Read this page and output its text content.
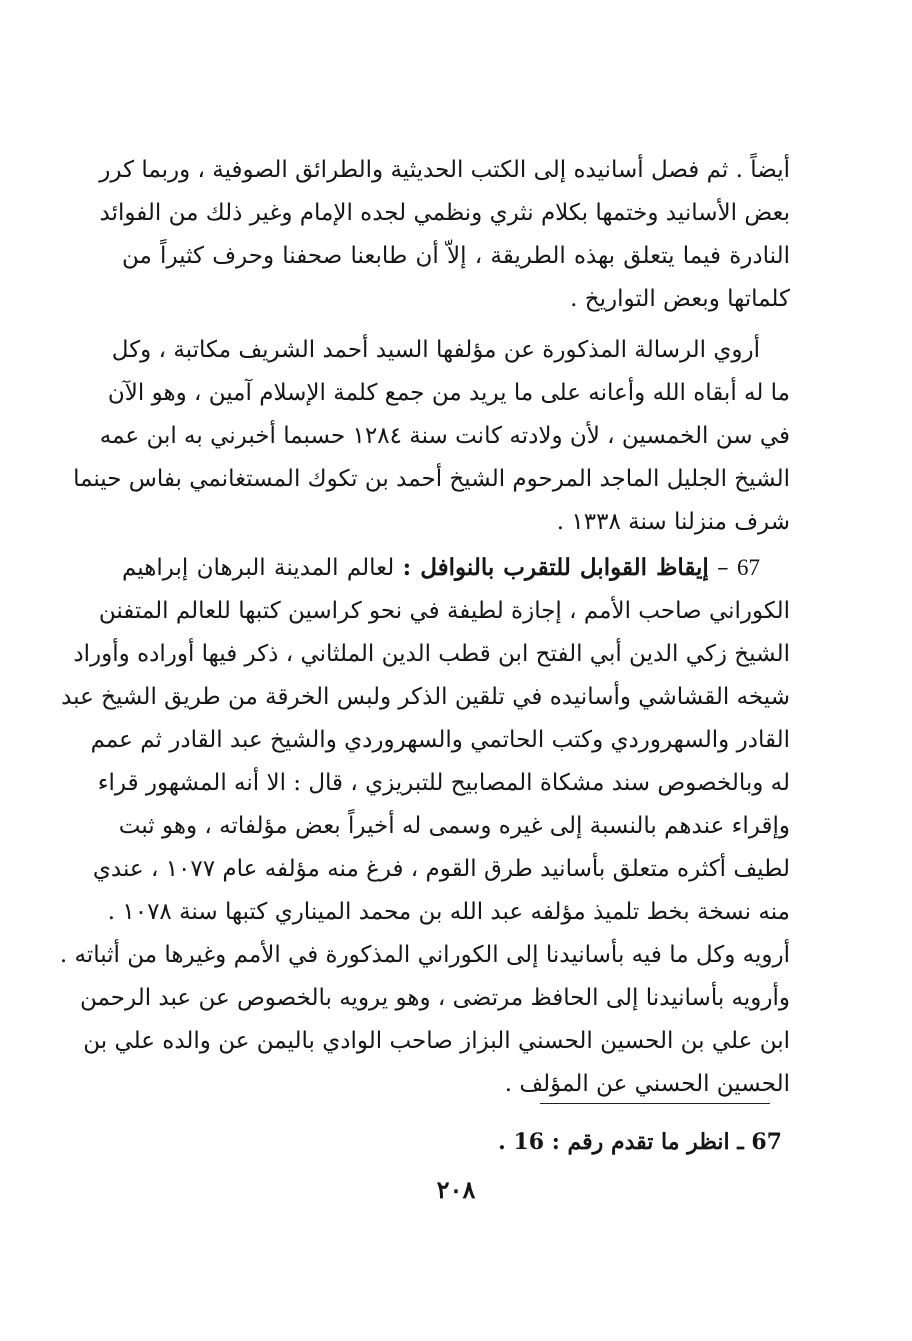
أيضاً . ثم فصل أسانيده إلى الكتب الحديثية والطرائق الصوفية ، وربما كرر
بعض الأسانيد وختمها بكلام نثري ونظمي لجده الإمام وغير ذلك من الفوائد
النادرة فيما يتعلق بهذه الطريقة ، إلاّ أن طابعنا صحفنا وحرف كثيراً من
كلماتها وبعض التواريخ .
أروي الرسالة المذكورة عن مؤلفها السيد أحمد الشريف مكاتبة ، وكل
ما له أبقاه الله وأعانه على ما يريد من جمع كلمة الإسلام آمين ، وهو الآن
في سن الخمسين ، لأن ولادته كانت سنة ١٢٨٤ حسبما أخبرني به ابن عمه
الشيخ الجليل الماجد المرحوم الشيخ أحمد بن تكوك المستغانمي بفاس حينما
شرف منزلنا سنة ١٣٣٨ .
67 – إيقاظ القوابل للتقرب بالنوافل : لعالم المدينة البرهان إبراهيم
الكوراني صاحب الأمم ، إجازة لطيفة في نحو كراسين كتبها للعالم المتفنن
الشيخ زكي الدين أبي الفتح ابن قطب الدين الملثاني ، ذكر فيها أوراده وأوراد
شيخه القشاشي وأسانيده في تلقين الذكر ولبس الخرقة من طريق الشيخ عبد
القادر والسهروردي وكتب الحاتمي والسهروردي والشيخ عبد القادر ثم عمم
له وبالخصوص سند مشكاة المصابيح للتبريزي ، قال : الا أنه المشهور قراء
وإقراء عندهم بالنسبة إلى غيره وسمى له أخيراً بعض مؤلفاته ، وهو ثبت
لطيف أكثره متعلق بأسانيد طرق القوم ، فرغ منه مؤلفه عام ١٠٧٧ ، عندي
منه نسخة بخط تلميذ مؤلفه عبد الله بن محمد الميناري كتبها سنة ١٠٧٨ .
أرويه وكل ما فيه بأسانيدنا إلى الكوراني المذكورة في الأمم وغيرها من أثباته .
وأرويه بأسانيدنا إلى الحافظ مرتضى ، وهو يرويه بالخصوص عن عبد الرحمن
ابن علي بن الحسين الحسني البزاز صاحب الوادي باليمن عن والده علي بن
الحسين الحسني عن المؤلف .
67 ـ انظر ما تقدم رقم : 16 .
٢٠٨
